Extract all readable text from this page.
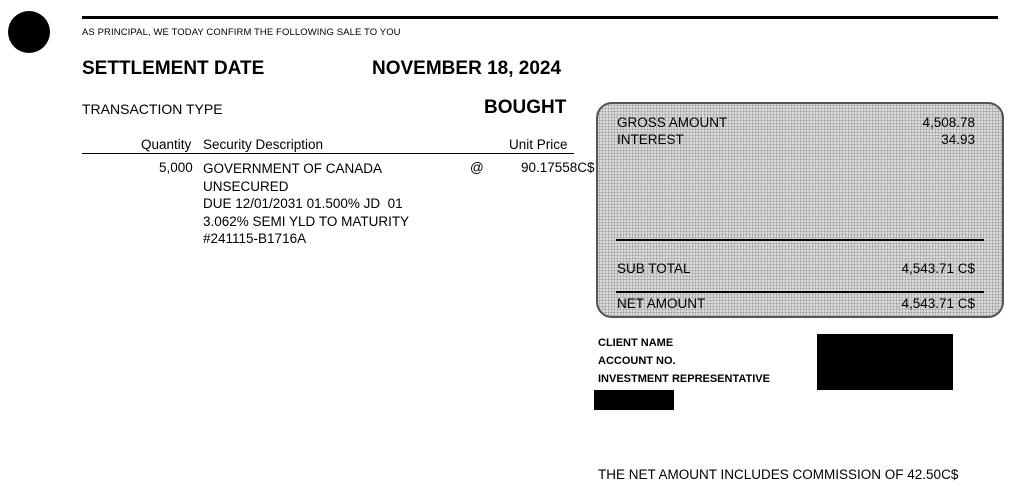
AS PRINCIPAL, WE TODAY CONFIRM THE FOLLOWING SALE TO YOU
SETTLEMENT DATE	NOVEMBER 18, 2024
TRANSACTION TYPE	BOUGHT
Quantity Security Description	Unit Price
5,000 GOVERNMENT OF CANADA
UNSECURED
DUE 12/01/2031 01.500% JD  01
3.062% SEMI YLD TO MATURITY
#241115-B1716A
@	90.17558C$
GROSS AMOUNT	4,508.78
INTEREST	34.93
SUB TOTAL	4,543.71 C$
NET AMOUNT	4,543.71 C$
CLIENT NAME
ACCOUNT NO.
INVESTMENT REPRESENTATIVE
THE NET AMOUNT INCLUDES COMMISSION OF 42.50C$
